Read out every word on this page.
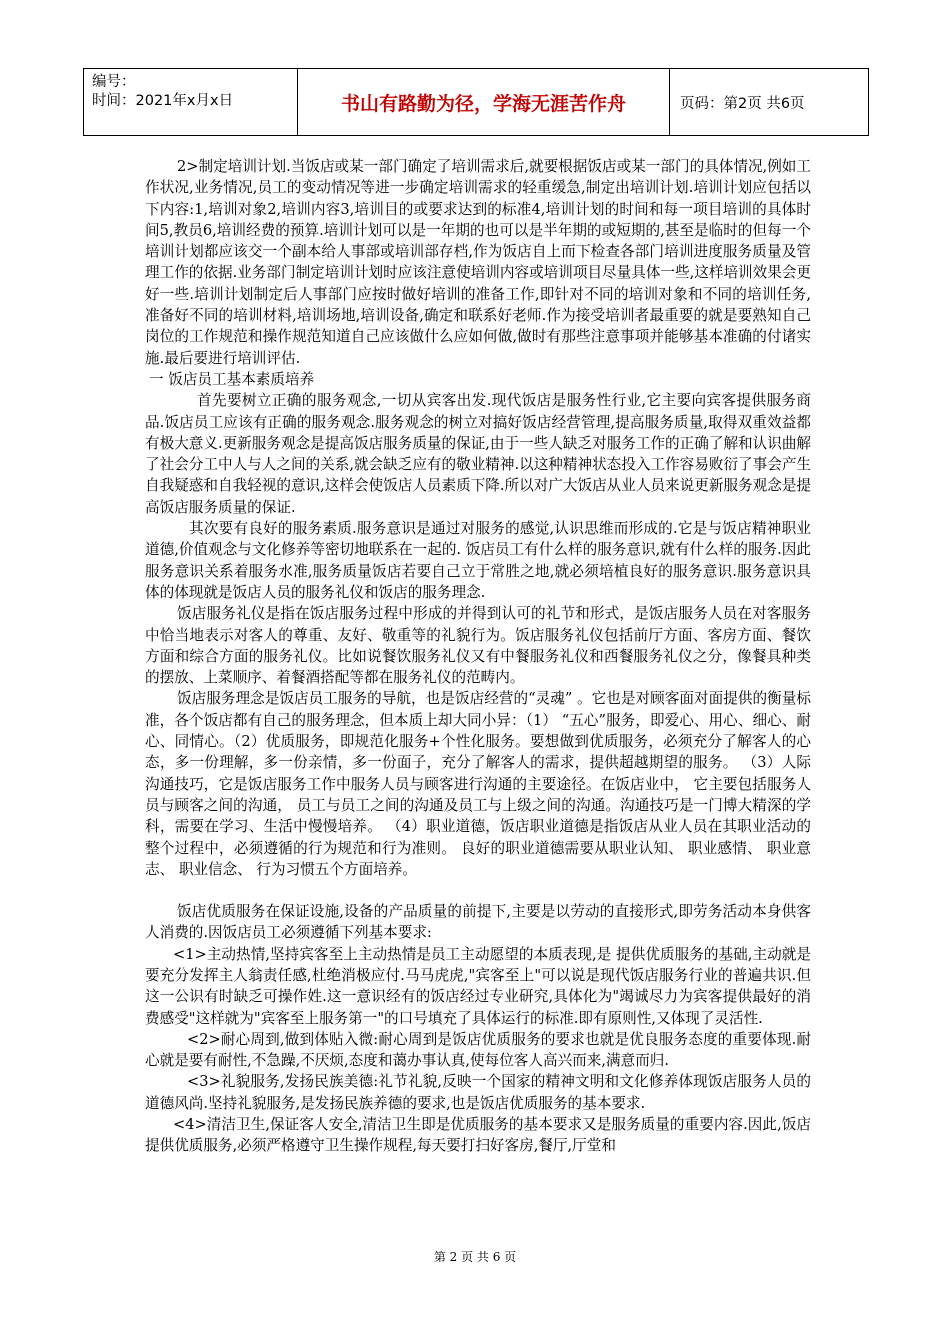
编号：
时间：2021年x月x日	书山有路勤为径，学海无涯苦作舟	页码：第2页 共6页

2>制定培训计划.当饭店或某一部门确定了培训需求后,就要根据饭店或某一部门的具体情况,例如工作状况,业务情况,员工的变动情况等进一步确定培训需求的轻重缓急,制定出培训计划.培训计划应包括以下内容:1,培训对象2,培训内容3,培训目的或要求达到的标准4,培训计划的时间和每一项目培训的具体时间5,教员6,培训经费的预算.培训计划可以是一年期的也可以是半年期的或短期的,甚至是临时的但每一个培训计划都应该交一个副本给人事部或培训部存档,作为饭店自上而下检查各部门培训进度服务质量及管理工作的依据.业务部门制定培训计划时应该注意使培训内容或培训项目尽量具体一些,这样培训效果会更好一些.培训计划制定后人事部门应按时做好培训的准备工作,即针对不同的培训对象和不同的培训任务,准备好不同的培训材料,培训场地,培训设备,确定和联系好老师.作为接受培训者最重要的就是要熟知自己岗位的工作规范和操作规范知道自己应该做什么应如何做,做时有那些注意事项并能够基本准确的付诸实施.最后要进行培训评估.

一 饭店员工基本素质培养

首先要树立正确的服务观念,一切从宾客出发.现代饭店是服务性行业,它主要向宾客提供服务商品.饭店员工应该有正确的服务观念.服务观念的树立对搞好饭店经营管理,提高服务质量,取得双重效益都有极大意义.更新服务观念是提高饭店服务质量的保证,由于一些人缺乏对服务工作的正确了解和认识曲解了社会分工中人与人之间的关系,就会缺乏应有的敬业精神.以这种精神状态投入工作容易败衍了事会产生自我疑惑和自我轻视的意识,这样会使饭店人员素质下降.所以对广大饭店从业人员来说更新服务观念是提高饭店服务质量的保证.

其次要有良好的服务素质.服务意识是通过对服务的感觉,认识思维而形成的.它是与饭店精神职业道德,价值观念与文化修养等密切地联系在一起的. 饭店员工有什么样的服务意识,就有什么样的服务.因此服务意识关系着服务水准,服务质量饭店若要自己立于常胜之地,就必须培植良好的服务意识.服务意识具体的体现就是饭店人员的服务礼仪和饭店的服务理念.

饭店服务礼仪是指在饭店服务过程中形成的并得到认可的礼节和形式，是饭店服务人员在对客服务中恰当地表示对客人的尊重、友好、敬重等的礼貌行为。饭店服务礼仪包括前厅方面、客房方面、餐饮方面和综合方面的服务礼仪。比如说餐饮服务礼仪又有中餐服务礼仪和西餐服务礼仪之分，像餐具种类的摆放、上菜顺序、着餐酒搭配等都在服务礼仪的范畴内。

饭店服务理念是饭店员工服务的导航，也是饭店经营的“灵魂” 。它也是对顾客面对面提供的衡量标准，各个饭店都有自己的服务理念，但本质上却大同小异：（1） “五心”服务，即爱心、用心、细心、耐心、同情心。（2）优质服务，即规范化服务+个性化服务。要想做到优质服务，必须充分了解客人的心态，多一份理解，多一份亲情，多一份面子，充分了解客人的需求，提供超越期望的服务。 （3）人际沟通技巧，它是饭店服务工作中服务人员与顾客进行沟通的主要途径。在饭店业中， 它主要包括服务人员与顾客之间的沟通， 员工与员工之间的沟通及员工与上级之间的沟通。沟通技巧是一门博大精深的学科，需要在学习、生活中慢慢培养。 （4）职业道德，饭店职业道德是指饭店从业人员在其职业活动的整个过程中，必须遵循的行为规范和行为准则。 良好的职业道德需要从职业认知、 职业感情、 职业意志、 职业信念、 行为习惯五个方面培养。

饭店优质服务在保证设施,设备的产品质量的前提下,主要是以劳动的直接形式,即劳务活动本身供客人消费的.因饭店员工必须遵循下列基本要求:

<1>主动热情,坚持宾客至上主动热情是员工主动愿望的本质表现,是 提供优质服务的基础,主动就是要充分发挥主人翁责任感,杜绝消极应付.马马虎虎,"宾客至上"可以说是现代饭店服务行业的普遍共识.但这一公识有时缺乏可操作姓.这一意识经有的饭店经过专业研究,具体化为"竭诚尽力为宾客提供最好的消费感受"这样就为"宾客至上服务第一"的口号填充了具体运行的标准.即有原则性,又体现了灵活性.

<2>耐心周到,做到体贴入微:耐心周到是饭店优质服务的要求也就是优良服务态度的重要体现.耐心就是要有耐性,不急躁,不厌烦,态度和蔼办事认真,使每位客人高兴而来,满意而归.

<3>礼貌服务,发扬民族美德:礼节礼貌,反映一个国家的精神文明和文化修养体现饭店服务人员的道德风尚.坚持礼貌服务,是发扬民族养德的要求,也是饭店优质服务的基本要求.

<4>清洁卫生,保证客人安全,清洁卫生即是优质服务的基本要求又是服务质量的重要内容.因此,饭店提供优质服务,必须严格遵守卫生操作规程,每天要打扫好客房,餐厅,厅堂和

第 2 页 共 6 页
